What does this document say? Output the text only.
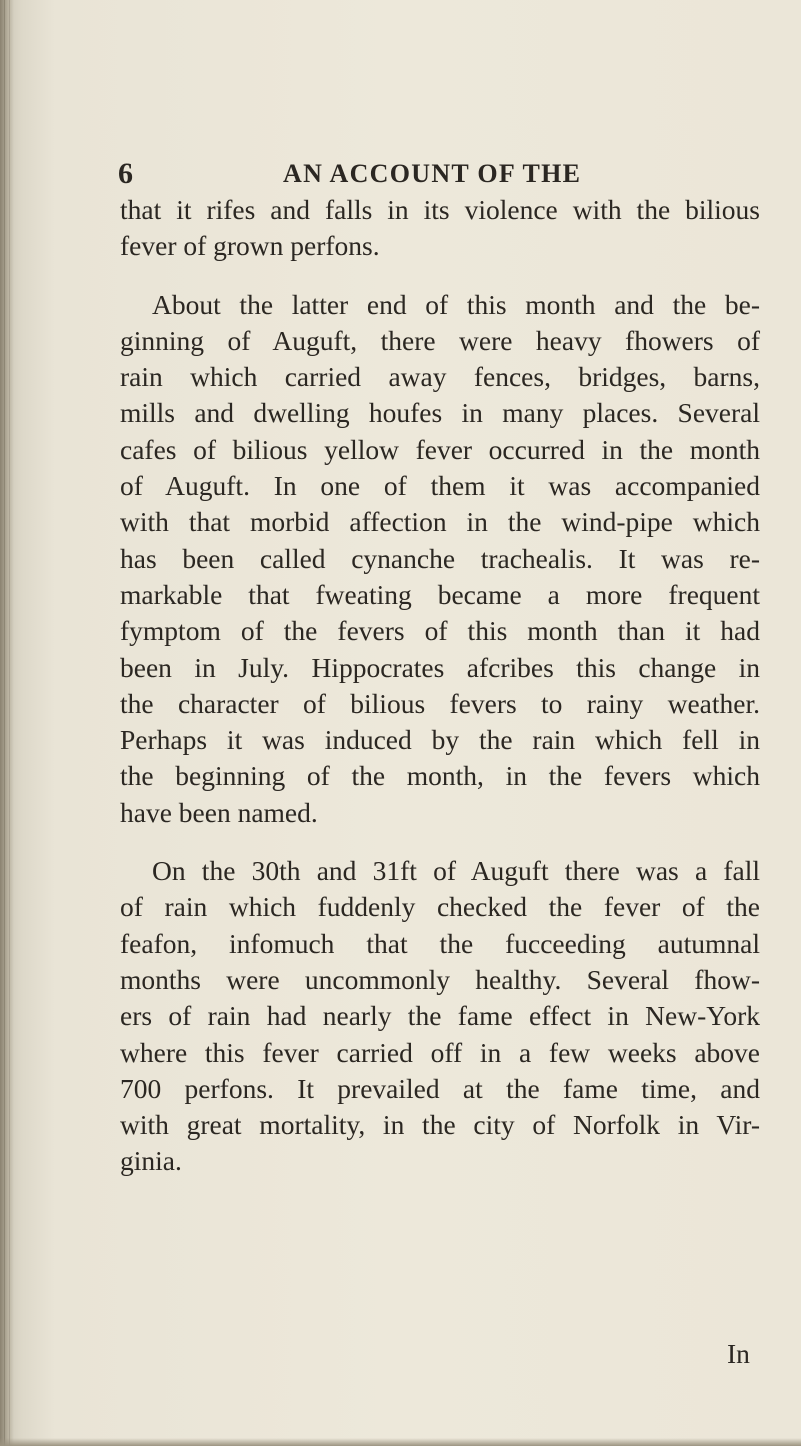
6	AN ACCOUNT OF THE
that it rifes and falls in its violence with the bilious
fever of grown perfons.
About the latter end of this month and the be-
ginning of Auguft, there were heavy fhowers of
rain which carried away fences, bridges, barns,
mills and dwelling houfes in many places. Several
cafes of bilious yellow fever occurred in the month
of Auguft. In one of them it was accompanied
with that morbid affection in the wind-pipe which
has been called cynanche trachealis. It was re-
markable that fweating became a more frequent
fymptom of the fevers of this month than it had
been in July. Hippocrates afcribes this change in
the character of bilious fevers to rainy weather.
Perhaps it was induced by the rain which fell in
the beginning of the month, in the fevers which
have been named.
On the 30th and 31ft of Auguft there was a fall
of rain which fuddenly checked the fever of the
feafon, infomuch that the fucceeding autumnal
months were uncommonly healthy. Several fhow-
ers of rain had nearly the fame effect in New-York
where this fever carried off in a few weeks above
700 perfons. It prevailed at the fame time, and
with great mortality, in the city of Norfolk in Vir-
ginia.
In
